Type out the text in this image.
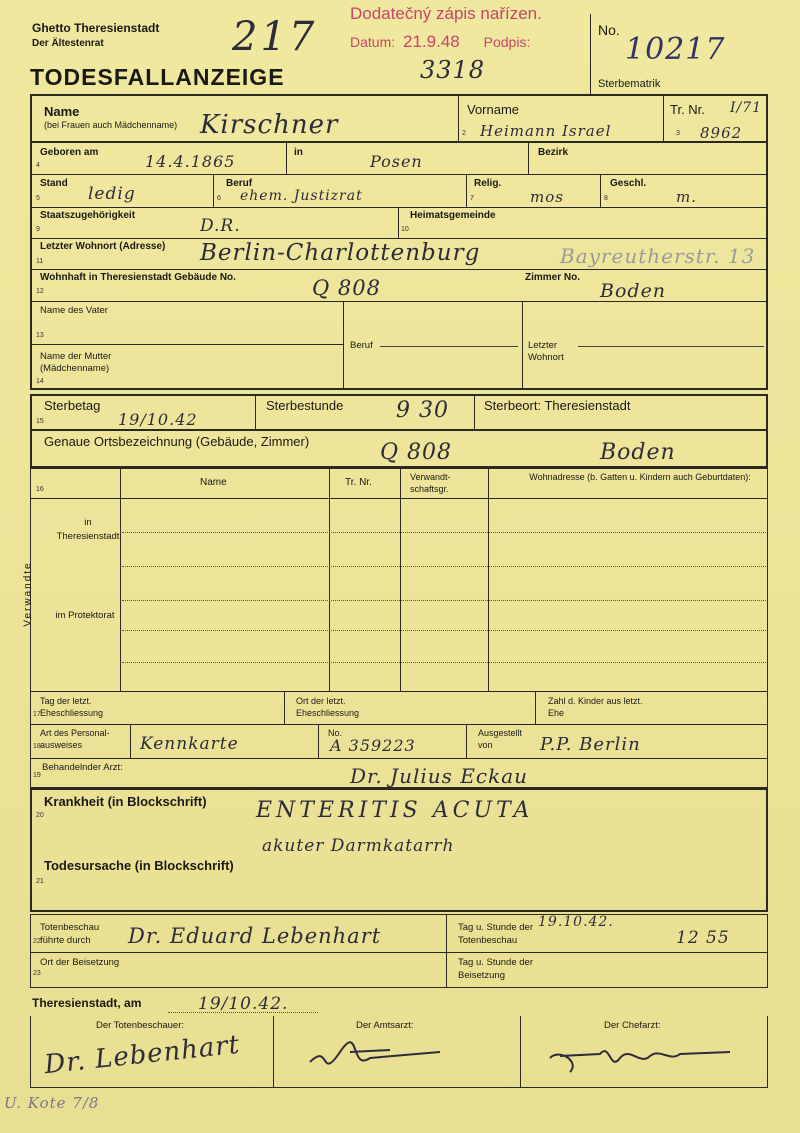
Ghetto Theresienstadt
Der Ältestenrat
TODESFALLANZEIGE
217
3318
Dodatečný zápis nařízen.
Datum: 21.9.48 Podpis:
No.
10217
Sterbematrik
Name
(bei Frauen auch Mädchenname) Kirschner
Vorname
Heimann Israel
Tr. Nr. I/71
8962
2	3
Geboren am
4	14.4.1865	in	Posen	Bezirk
Stand
5	ledig
Beruf
6 ehem. Justizrat
Relig.
7	mos
Geschl.
8	m.
Staatszugehörigkeit
9	D.R.
Heimatsgemeinde
10
Letzter Wohnort (Adresse)
11	Berlin-Charlottenburg	Bayreutherstr. 13
Wohnhaft in Theresienstadt Gebäude No.
12	Q 808	Zimmer No.
Boden
Name des Vater
13
Name der Mutter (Mädchenname)
14
Beruf	Letzter Wohnort
Sterbetag
15	19/10.42
Sterbestunde 9 30	Sterbeort: Theresienstadt
Genaue Ortsbezeichnung (Gebäude, Zimmer)	Q 808	Boden
16
Name	Tr. Nr.	Verwandt-schaftsgr.
Wohnadresse (b. Gatten u. Kindern auch Geburtdaten):
in Theresienstadt
im Protektorat
Verwandte
Tag der letzt. Eheschliessung
17
Ort der letzt. Eheschliessung
Zahl d. Kinder aus letzt. Ehe
Art des Personal-ausweises
18	Kennkarte
No.
A 359223
Ausgestellt von	P.P. Berlin
Behandelnder Arzt:
19	Dr. Julius Eckau
Krankheit (in Blockschrift)
20	ENTERITIS ACUTA
akuter Darmkatarrh
Todesursache (in Blockschrift)
21
Totenbeschau führte durch
22	Dr. Eduard Lebenhart	Tag u. Stunde der Totenbeschau
19.10.42.
12 55
Ort der Beisetzung
23
Tag u. Stunde der Beisetzung
Theresienstadt, am	19/10.42.
Der Totenbeschauer:	Der Amtsarzt:	Der Chefarzt:
Dr. Lebenhart
U. Kote 7/8
